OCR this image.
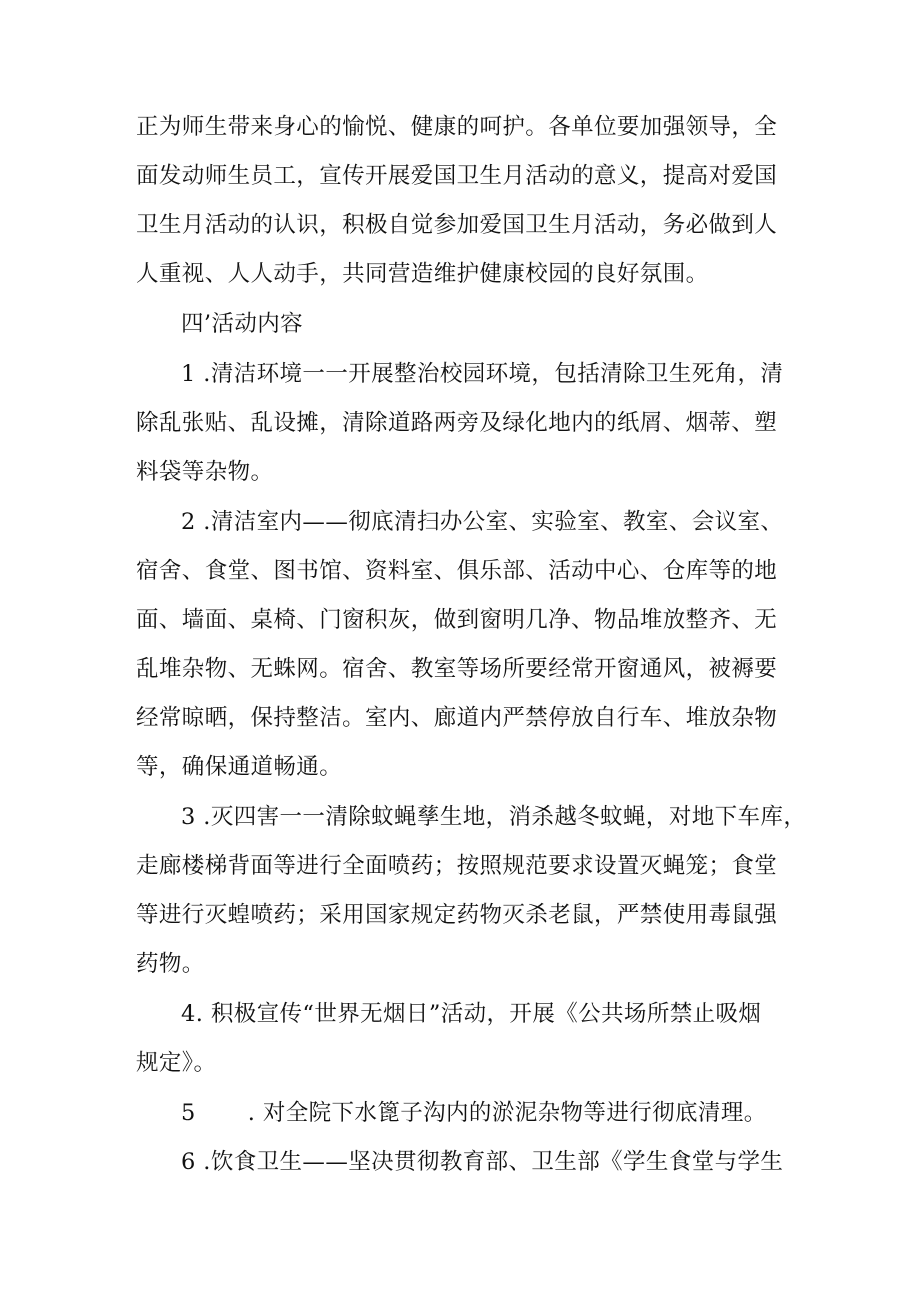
正为师生带来身心的愉悦、健康的呵护。各单位要加强领导，全
面发动师生员工，宣传开展爱国卫生月活动的意义，提高对爱国
卫生月活动的认识，积极自觉参加爱国卫生月活动，务必做到人
人重视、人人动手，共同营造维护健康校园的良好氛围。
四’活动内容
1 .清洁环境一一开展整治校园环境，包括清除卫生死角，清
除乱张贴、乱设摊，清除道路两旁及绿化地内的纸屑、烟蒂、塑
料袋等杂物。
2 .清洁室内——彻底清扫办公室、实验室、教室、会议室、
宿舍、食堂、图书馆、资料室、俱乐部、活动中心、仓库等的地
面、墙面、桌椅、门窗积灰，做到窗明几净、物品堆放整齐、无
乱堆杂物、无蛛网。宿舍、教室等场所要经常开窗通风，被褥要
经常晾晒，保持整洁。室内、廊道内严禁停放自行车、堆放杂物
等，确保通道畅通。
3 .灭四害一一清除蚊蝇孳生地，消杀越冬蚊蝇，对地下车库，
走廊楼梯背面等进行全面喷药；按照规范要求设置灭蝇笼；食堂
等进行灭蝗喷药；采用国家规定药物灭杀老鼠，严禁使用毒鼠强
药物。
4. 积极宣传“世界无烟日”活动，开展《公共场所禁止吸烟
规定》。
5 . 对全院下水篦子沟内的淤泥杂物等进行彻底清理。
6 .饮食卫生——坚决贯彻教育部、卫生部《学生食堂与学生
